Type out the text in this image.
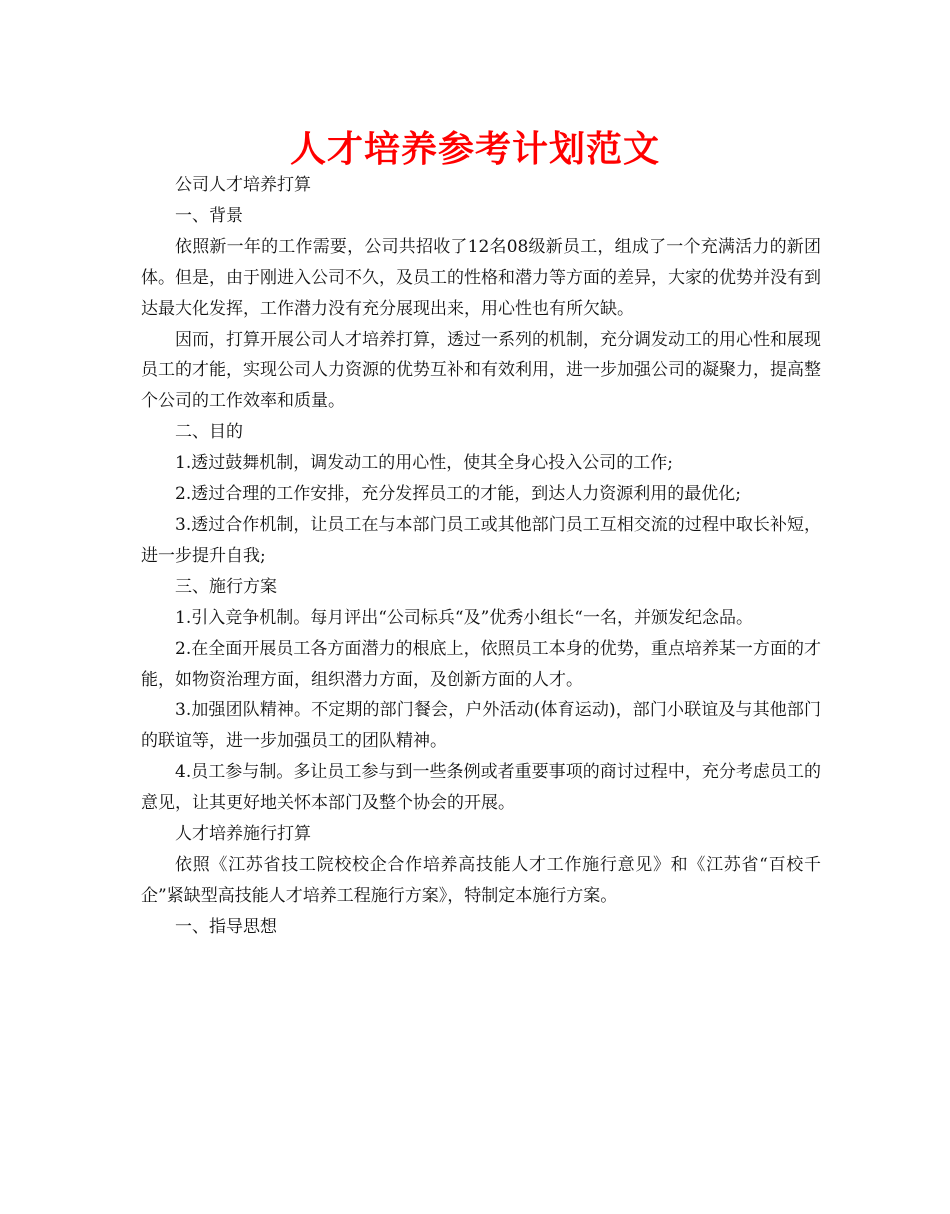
人才培养参考计划范文

公司人才培养打算

一、背景

依照新一年的工作需要，公司共招收了12名08级新员工，组成了一个充满活力的新团体。但是，由于刚进入公司不久，及员工的性格和潜力等方面的差异，大家的优势并没有到达最大化发挥，工作潜力没有充分展现出来，用心性也有所欠缺。

因而，打算开展公司人才培养打算，透过一系列的机制，充分调发动工的用心性和展现员工的才能，实现公司人力资源的优势互补和有效利用，进一步加强公司的凝聚力，提高整个公司的工作效率和质量。

二、目的

1.透过鼓舞机制，调发动工的用心性，使其全身心投入公司的工作;

2.透过合理的工作安排，充分发挥员工的才能，到达人力资源利用的最优化;

3.透过合作机制，让员工在与本部门员工或其他部门员工互相交流的过程中取长补短，进一步提升自我;

三、施行方案

1.引入竞争机制。每月评出“公司标兵“及”优秀小组长“一名，并颁发纪念品。

2.在全面开展员工各方面潜力的根底上，依照员工本身的优势，重点培养某一方面的才能，如物资治理方面，组织潜力方面，及创新方面的人才。

3.加强团队精神。不定期的部门餐会，户外活动(体育运动)，部门小联谊及与其他部门的联谊等，进一步加强员工的团队精神。

4.员工参与制。多让员工参与到一些条例或者重要事项的商讨过程中，充分考虑员工的意见，让其更好地关怀本部门及整个协会的开展。

人才培养施行打算

依照《江苏省技工院校校企合作培养高技能人才工作施行意见》和《江苏省“百校千企”紧缺型高技能人才培养工程施行方案》，特制定本施行方案。

一、指导思想
